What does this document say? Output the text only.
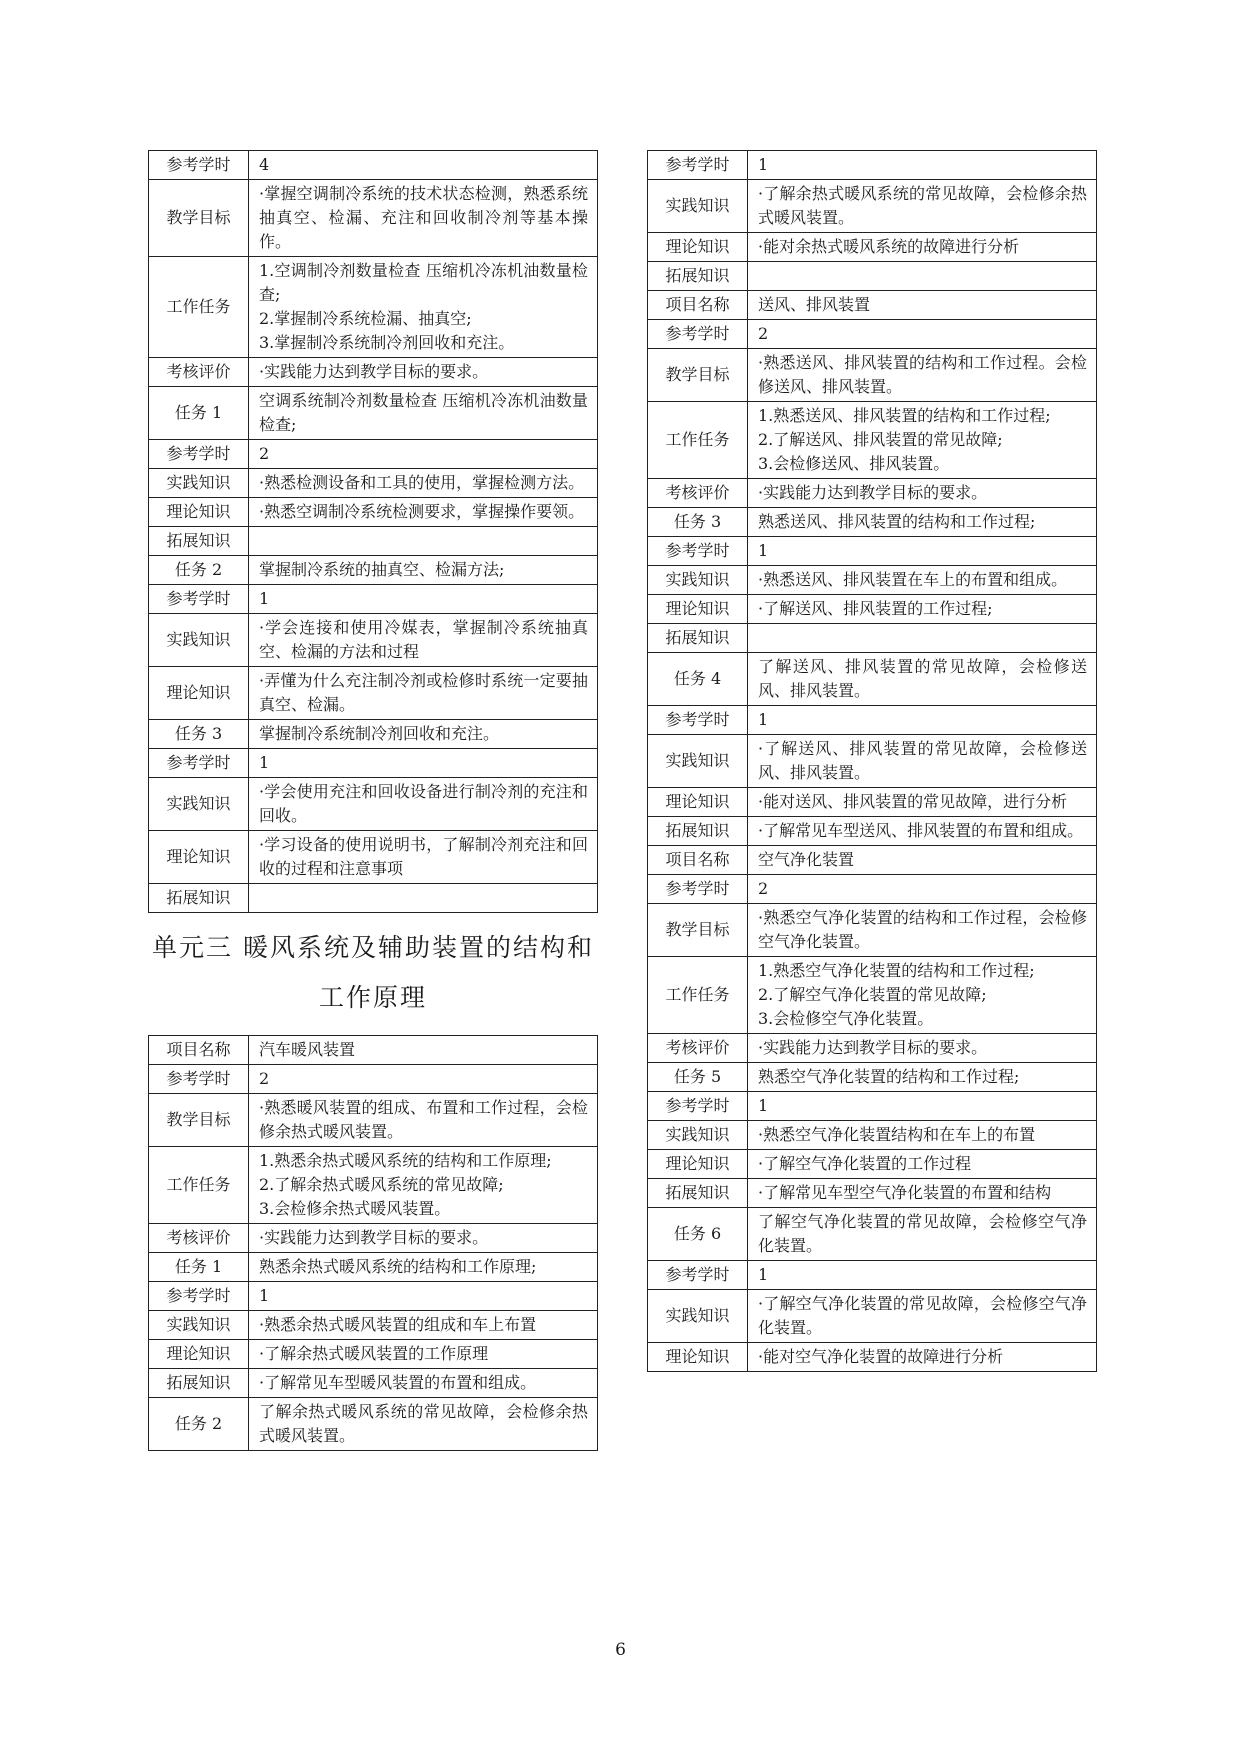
参考学时	4
教学目标	·掌握空调制冷系统的技术状态检测，熟悉系统抽真空、检漏、充注和回收制冷剂等基本操作。
工作任务	1.空调制冷剂数量检查 压缩机冷冻机油数量检查;
2.掌握制冷系统检漏、抽真空;
3.掌握制冷系统制冷剂回收和充注。
考核评价	·实践能力达到教学目标的要求。
任务 1	空调系统制冷剂数量检查 压缩机冷冻机油数量检查;
参考学时	2
实践知识	·熟悉检测设备和工具的使用，掌握检测方法。
理论知识	·熟悉空调制冷系统检测要求，掌握操作要领。
拓展知识	
任务 2	掌握制冷系统的抽真空、检漏方法;
参考学时	1
实践知识	·学会连接和使用冷媒表，掌握制冷系统抽真空、检漏的方法和过程
理论知识	·弄懂为什么充注制冷剂或检修时系统一定要抽真空、检漏。
任务 3	掌握制冷系统制冷剂回收和充注。
参考学时	1
实践知识	·学会使用充注和回收设备进行制冷剂的充注和回收。
理论知识	·学习设备的使用说明书，了解制冷剂充注和回收的过程和注意事项
拓展知识	
单元三 暖风系统及辅助装置的结构和工作原理
项目名称	汽车暖风装置
参考学时	2
教学目标	·熟悉暖风装置的组成、布置和工作过程，会检修余热式暖风装置。
工作任务	1.熟悉余热式暖风系统的结构和工作原理;
2.了解余热式暖风系统的常见故障;
3.会检修余热式暖风装置。
考核评价	·实践能力达到教学目标的要求。
任务 1	熟悉余热式暖风系统的结构和工作原理;
参考学时	1
实践知识	·熟悉余热式暖风装置的组成和车上布置
理论知识	·了解余热式暖风装置的工作原理
拓展知识	·了解常见车型暖风装置的布置和组成。
任务 2	了解余热式暖风系统的常见故障，会检修余热式暖风装置。
参考学时	1
实践知识	·了解余热式暖风系统的常见故障，会检修余热式暖风装置。
理论知识	·能对余热式暖风系统的故障进行分析
拓展知识	
项目名称	送风、排风装置
参考学时	2
教学目标	·熟悉送风、排风装置的结构和工作过程。会检修送风、排风装置。
工作任务	1.熟悉送风、排风装置的结构和工作过程;
2.了解送风、排风装置的常见故障;
3.会检修送风、排风装置。
考核评价	·实践能力达到教学目标的要求。
任务 3	熟悉送风、排风装置的结构和工作过程;
参考学时	1
实践知识	·熟悉送风、排风装置在车上的布置和组成。
理论知识	·了解送风、排风装置的工作过程;
拓展知识	
任务 4	了解送风、排风装置的常见故障，会检修送风、排风装置。
参考学时	1
实践知识	·了解送风、排风装置的常见故障，会检修送风、排风装置。
理论知识	·能对送风、排风装置的常见故障，进行分析
拓展知识	·了解常见车型送风、排风装置的布置和组成。
项目名称	空气净化装置
参考学时	2
教学目标	·熟悉空气净化装置的结构和工作过程，会检修空气净化装置。
工作任务	1.熟悉空气净化装置的结构和工作过程;
2.了解空气净化装置的常见故障;
3.会检修空气净化装置。
考核评价	·实践能力达到教学目标的要求。
任务 5	熟悉空气净化装置的结构和工作过程;
参考学时	1
实践知识	·熟悉空气净化装置结构和在车上的布置
理论知识	·了解空气净化装置的工作过程
拓展知识	·了解常见车型空气净化装置的布置和结构
任务 6	了解空气净化装置的常见故障，会检修空气净化装置。
参考学时	1
实践知识	·了解空气净化装置的常见故障，会检修空气净化装置。
理论知识	·能对空气净化装置的故障进行分析
6
